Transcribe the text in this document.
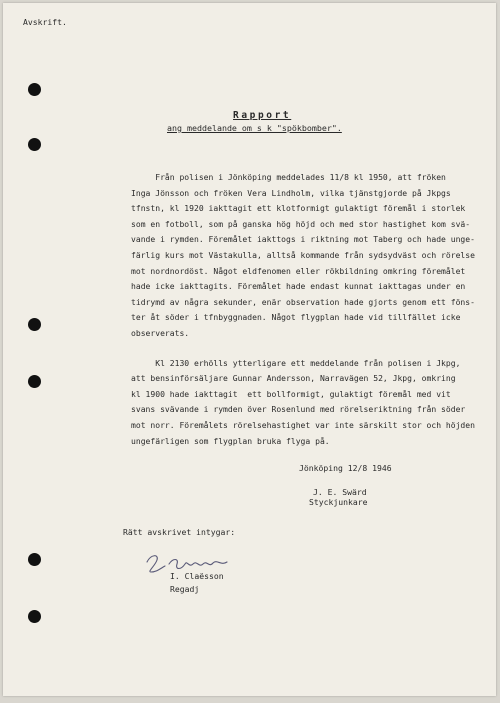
Avskrift.
Rapport
ang meddelande om s k "spökbomber".
Från polisen i Jönköping meddelades 11/8 kl 1950, att fröken
Inga Jönsson och fröken Vera Lindholm, vilka tjänstgjorde på Jkpgs
tfnstn, kl 1920 iakttagit ett klotformigt gulaktigt föremål i storlek
som en fotboll, som på ganska hög höjd och med stor hastighet kom svä-
vande i rymden. Föremålet iakttogs i riktning mot Taberg och hade unge-
färlig kurs mot Västakulla, alltså kommande från sydsydväst och rörelse
mot nordnordöst. Något eldfenomen eller rökbildning omkring föremålet
hade icke iakttagits. Föremålet hade endast kunnat iakttagas under en
tidrymd av några sekunder, enär observation hade gjorts genom ett föns-
ter åt söder i tfnbyggnaden. Något flygplan hade vid tillfället icke
observerats.
Kl 2130 erhölls ytterligare ett meddelande från polisen i Jkpg,
att bensinförsäljare Gunnar Andersson, Narravägen 52, Jkpg, omkring
kl 1900 hade iakttagit  ett bollformigt, gulaktigt föremål med vit
svans svävande i rymden över Rosenlund med rörelseriktning från söder
mot norr. Föremålets rörelsehastighet var inte särskilt stor och höjden
ungefärligen som flygplan bruka flyga på.
Jönköping 12/8 1946
J. E. Swärd
Styckjunkare
Rätt avskrivet intygar:
I. Claësson
Regadj
